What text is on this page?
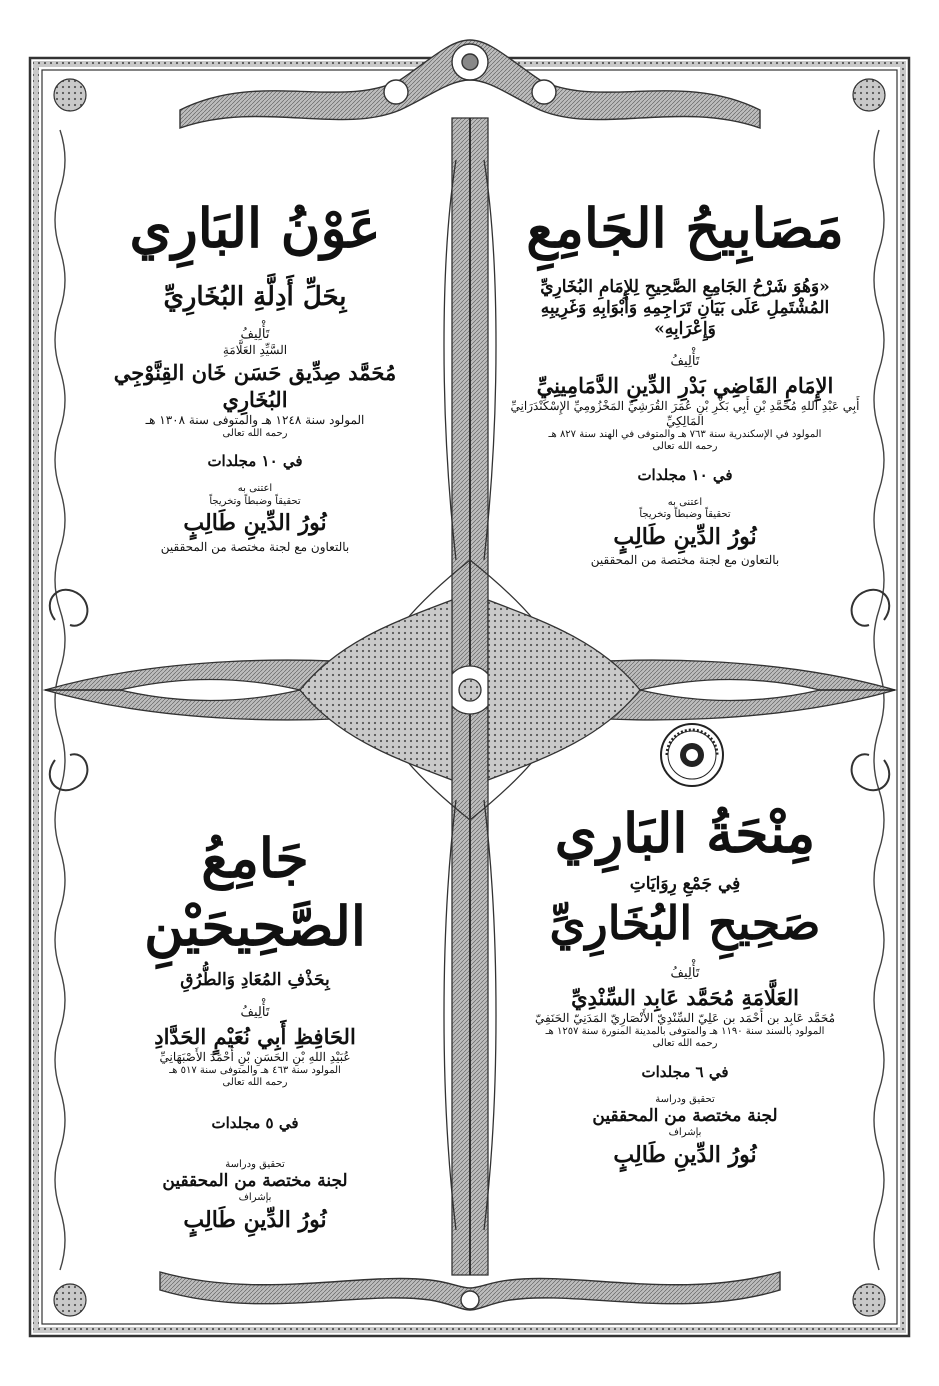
مَصَابِيحُ الجَامِعِ
«وَهُوَ شَرْحُ الجَامِعِ الصَّحِيحِ لِلإِمَامِ البُخَارِيِّ
المُشْتَمِلِ عَلَى بَيَانِ تَرَاجِمِهِ وَأَبْوَابِهِ وَغَرِيبِهِ وَإِعْرَابِهِ»
تَأْلِيفُ
الإِمَامِ القَاضِي بَدْرِ الدِّينِ الدَّمَامِينِيِّ
أَبِي عَبْدِ اللهِ مُحَمَّدِ بْنِ أَبِي بَكْرِ بْنِ عُمَرَ القُرَشِيِّ المَخْزُومِيِّ الإِسْكَنْدَرَانِيِّ المَالِكِيِّ
المولود في الإسكندرية سنة ٧٦٣ هـ والمتوفى في الهند سنة ٨٢٧ هـ
رحمه الله تعالى
في ١٠ مجلدات
اعتنى به
تحقيقاً وضبطاً وتخريجاً
نُورُ الدِّينِ طَالِبٍ
بالتعاون مع لجنة مختصة من المحققين
عَوْنُ البَارِي
بِحَلِّ أَدِلَّةِ البُخَارِيِّ
تَأْلِيفُ
السَّيِّدِ العَلَّامَةِ
مُحَمَّد صِدِّيق حَسَن خَان القِنَّوْجِي البُخَارِي
المولود سنة ١٢٤٨ هـ والمتوفى سنة ١٣٠٨ هـ
رحمه الله تعالى
في ١٠ مجلدات
اعتنى به
تحقيقاً وضبطاً وتخريجاً
نُورُ الدِّينِ طَالِبٍ
بالتعاون مع لجنة مختصة من المحققين
مِنْحَةُ البَارِي
فِي جَمْعِ رِوَايَاتِ
صَحِيحِ البُخَارِيِّ
تَأْلِيفُ
العَلَّامَةِ مُحَمَّد عَابِد السِّنْدِيِّ
مُحَمَّد عَابِد بن أَحْمَد بن عَلِيّ السِّنْدِيّ الأَنْصَارِيّ المَدَنِيّ الحَنَفِيّ
المولود بالسند سنة ١١٩٠ هـ والمتوفى بالمدينة المنورة سنة ١٢٥٧ هـ
رحمه الله تعالى
في ٦ مجلدات
تحقيق ودراسة
لجنة مختصة من المحققين
بإشراف
نُورُ الدِّينِ طَالِبٍ
جَامِعُ الصَّحِيحَيْنِ
بِحَذْفِ المُعَادِ وَالطُّرُقِ
تَأْلِيفُ
الحَافِظِ أَبِي نُعَيْمٍ الحَدَّادِ
عُبَيْدِ اللهِ بْنِ الحَسَنِ بْنِ أَحْمَدَ الأَصْبَهَانِيِّ
المولود سنة ٤٦٣ هـ والمتوفى سنة ٥١٧ هـ
رحمه الله تعالى
في ٥ مجلدات
تحقيق ودراسة
لجنة مختصة من المحققين
بإشراف
نُورُ الدِّينِ طَالِبٍ
